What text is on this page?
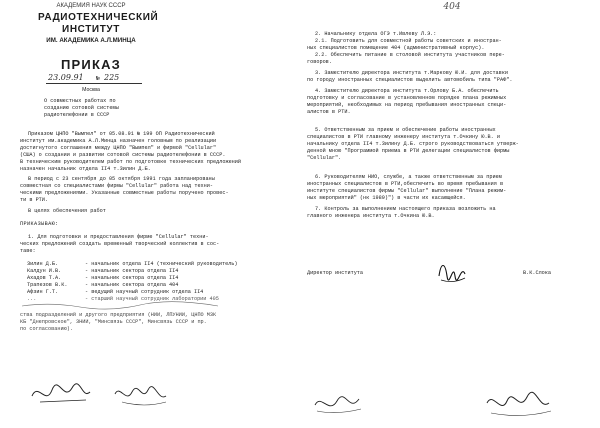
АКАДЕМИЯ НАУК СССР
РАДИОТЕХНИЧЕСКИЙ
ИНСТИТУТ
ИМ. АКАДЕМИКА А.Л.МИНЦА
ПРИКАЗ
23.09.91 № 225
Москва
О совместных работах по
созданию сотовой системы
радиотелефонии в СССР
Приказом ЦНПО "Вымпел" от 05.08.91 № 199 ОП Радиотехнический
институт им.академика А.Л.Минца назначен головным по реализации
достигнутого соглашения между ЦНПО "Вымпел" и фирмой "Cellular"
(США) о создании и развитии сотовой системы радиотелефонии в СССР.
В техническим руководителем работ по подготовке технических предложений
назначен начальник отдела II4 т.Зилин Д.Б.
В период с 23 сентября до 05 октября 1991 года запланированы
совместная со специалистами фирмы "Cellular" работа над техни-
ческими предложениями. Указанные совместные работы поручено провес-
ти в РТИ.
В целях обеспечения работ
ПРИКАЗЫВАЮ:
1. Для подготовки и предоставления фирме "Cellular" техни-
ческих предложений создать временный творческий коллектив в сос-
таве:
Зилин Д.Б.	- начальник отдела II4 (технический руководитель)
Калдун И.В.	- начальник сектора отдела II4
Ахадов Т.А.	- начальник сектора отдела II4
Трапезов В.К.	- начальник сектора отдела 404
Афзин Г.Т.	- ведущий научный сотрудник отдела II4
...	- старший научный сотрудник лаборатории 405
ства подразделений и другого предприятия (НИИ, ЛПУНИИ, ЦНПО МЗК
КБ "Днепровское", ЗНИИ, "Минсвязь СССР", Минсвязь СССР и пр.
по согласованию).
404
2. Начальнику отдела ОГЭ т.Ивлеву Л.Э.:
2.1. Подготовить для совместной работы советских и иностран-
ных специалистов помещение 404 (административный корпус).
2.2. Обеспечить питание в столовой института участников пере-
говоров.
3. Заместителю директора института т.Маркову Ю.И. для доставки
по городу иностранных специалистов выделить автомобиль типа "РАФ".
4. Заместителю директора института т.Орлову Б.А. обеспечить
подготовку и согласование в установленном порядке плана режимных
мероприятий, необходимых на период пребывания иностранных специ-
алистов в РТИ.
5. Ответственным за прием и обеспечение работы иностранных
специалистов в РТИ главному инженеру института т.Очкину Ю.В. и
начальнику отдела II4 т.Зилину Д.Б. строго руководствоваться утверж-
денной мною "Программой приема в РТИ делегации специалистов фирмы
"Cellular".
6. Руководителям НИО, службе, а также ответственным за прием
иностранных специалистов в РТИ,обеспечить во время пребывания в
институте специалистов фирмы "Cellular" выполнение "Плана режим-
ных мероприятий" (нк 1989)") в части их касающейся.
7. Контроль за выполнением настоящего приказа возложить на
главного инженера института т.Очкина Ю.В.
Директор института	В.К.Слока
